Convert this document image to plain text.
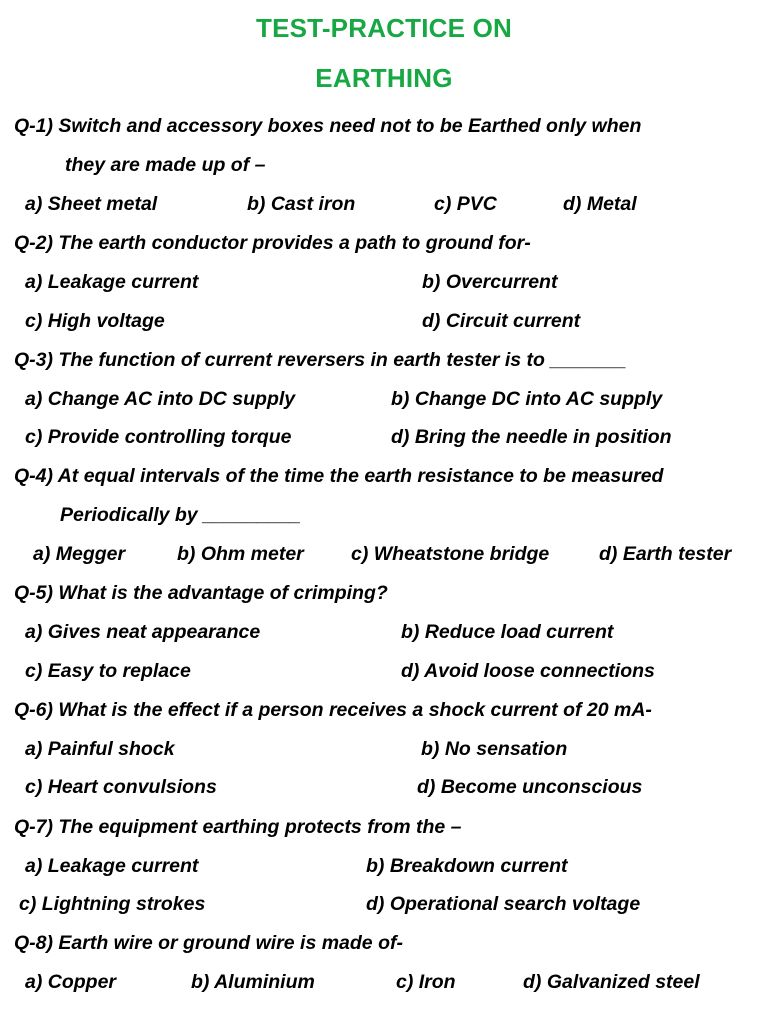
TEST-PRACTICE ON
EARTHING
Q-1) Switch and accessory boxes need not to be Earthed only when
they are made up of –
a) Sheet metal	b) Cast iron	c) PVC	d) Metal
Q-2) The earth conductor provides a path to ground for-
a) Leakage current	b) Overcurrent
c) High voltage	d) Circuit current
Q-3) The function of current reversers in earth tester is to _______
a) Change AC into DC supply	b) Change DC into AC supply
c) Provide controlling torque	d) Bring the needle in position
Q-4) At equal intervals of the time the earth resistance to be measured
Periodically by _________
a) Megger	b) Ohm meter c) Wheatstone bridge	d) Earth tester
Q-5) What is the advantage of crimping?
a) Gives neat appearance	b) Reduce load current
c) Easy to replace	d) Avoid loose connections
Q-6) What is the effect if a person receives a shock current of 20 mA-
a) Painful shock	b) No sensation
c) Heart convulsions	d) Become unconscious
Q-7) The equipment earthing protects from the –
a) Leakage current	b) Breakdown current
c) Lightning strokes	d) Operational search voltage
Q-8) Earth wire or ground wire is made of-
a) Copper	b) Aluminium	c) Iron	d) Galvanized steel
